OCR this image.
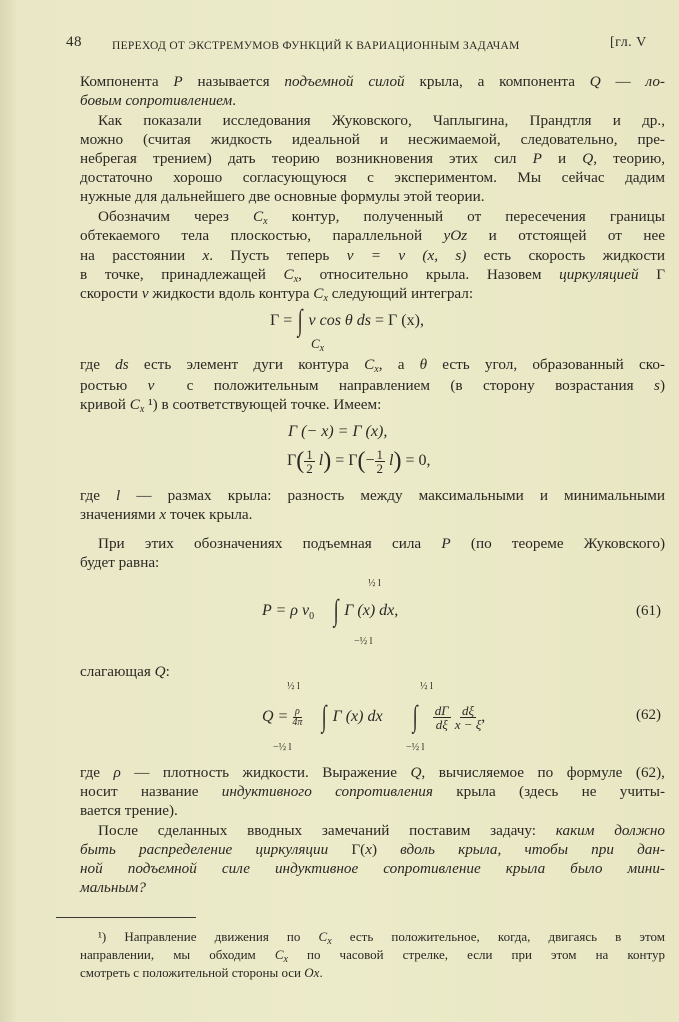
48	ПЕРЕХОД ОТ ЭКСТРЕМУМОВ ФУНКЦИЙ К ВАРИАЦИОННЫМ ЗАДАЧАМ	[гл. V
Компонента P называется подъемной силой крыла, а компонента Q — ло-
бовым сопротивлением.
Как показали исследования Жуковского, Чаплыгина, Прандтля и др.,
можно (считая жидкость идеальной и несжимаемой, следовательно, пре-
небрегая трением) дать теорию возникновения этих сил P и Q, теорию,
достаточно хорошо согласующуюся с экспериментом. Мы сейчас дадим
нужные для дальнейшего две основные формулы этой теории.
Обозначим через $C_x$ контур, полученный от пересечения границы
обтекаемого тела плоскостью, параллельной yOz и отстоящей от нее
на расстоянии x. Пусть теперь v = v (x, s) есть скорость жидкости
в точке, принадлежащей $C_x$, относительно крыла. Назовем циркуляцией Γ
скорости v жидкости вдоль контура $C_x$ следующий интеграл:
где ds есть элемент дуги контура $C_x$, а θ есть угол, образованный ско-
ростью v⃗ с положительным направлением (в сторону возрастания s)
кривой $C_x$ ¹) в соответствующей точке. Имеем:
где l — размах крыла: разность между максимальными и минимальными
значениями x точек крыла.
При этих обозначениях подъемная сила P (по теореме Жуковского)
будет равна:
слагающая Q:
где ρ — плотность жидкости. Выражение Q, вычисляемое по формуле (62),
носит название индуктивного сопротивления крыла (здесь не учиты-
вается трение).
После сделанных вводных замечаний поставим задачу: каким должно
быть распределение циркуляции Γ(x) вдоль крыла, чтобы при дан-
ной подъемной силе индуктивное сопротивление крыла было мини-
мальным?
Γ = ∫ v cos θ ds = Γ (x),
$C_x$
Γ (− x) = Γ (x),
$\Gamma( \frac{1}{2} l) = \Gamma(- \frac{1}{2} l) = 0$,
P = ρ $v_0$ ∫ Γ (x) dx,
½ l
−½ l
(61)
$Q = \frac{\rho}{4\pi}$ ∫ Γ (x) dx ∫ $\frac{d\Gamma}{d\xi}$
$\frac{d\xi}{x - \xi}$ ,
½ l
−½ l
½ l
−½ l
(62)
¹) Направление движения по $C_x$ есть положительное, когда, двигаясь в этом
направлении, мы обходим $C_x$ по часовой стрелке, если при этом на контур
смотреть с положительной стороны оси Ox.
